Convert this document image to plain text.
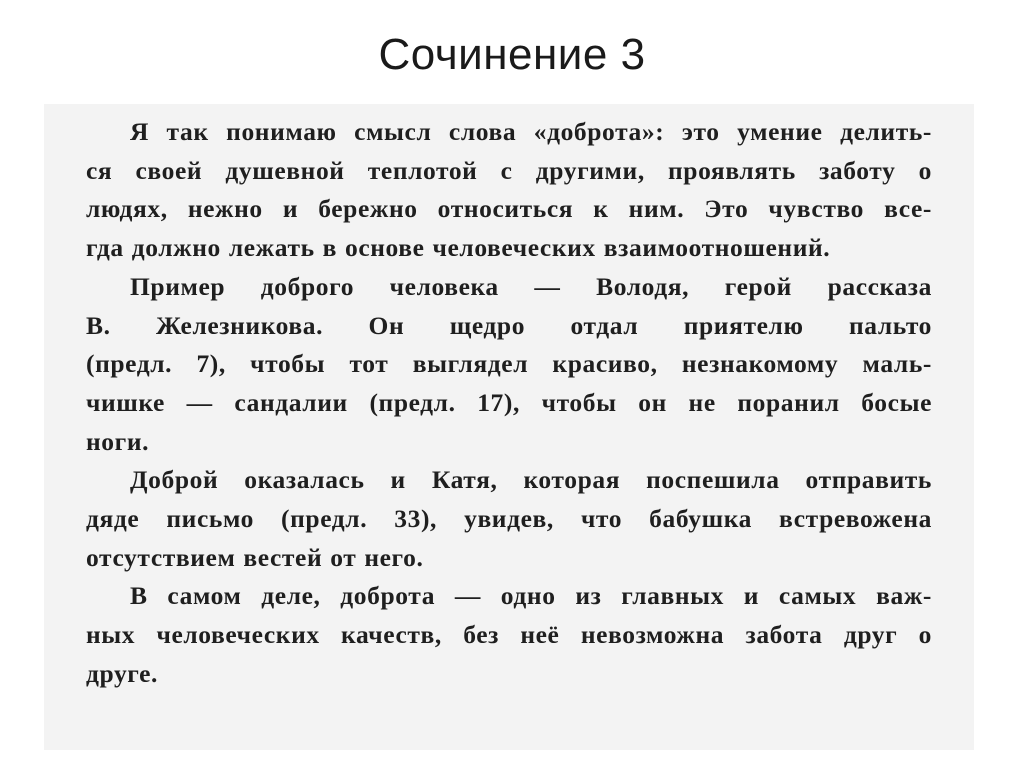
Сочинение 3
Я так понимаю смысл слова «доброта»: это умение делить-
ся своей душевной теплотой с другими, проявлять заботу о
людях, нежно и бережно относиться к ним. Это чувство все-
гда должно лежать в основе человеческих взаимоотношений.
Пример доброго человека — Володя, герой рассказа
В. Железникова. Он щедро отдал приятелю пальто
(предл. 7), чтобы тот выглядел красиво, незнакомому маль-
чишке — сандалии (предл. 17), чтобы он не поранил босые
ноги.
Доброй оказалась и Катя, которая поспешила отправить
дяде письмо (предл. 33), увидев, что бабушка встревожена
отсутствием вестей от него.
В самом деле, доброта — одно из главных и самых важ-
ных человеческих качеств, без неё невозможна забота друг о
друге.
